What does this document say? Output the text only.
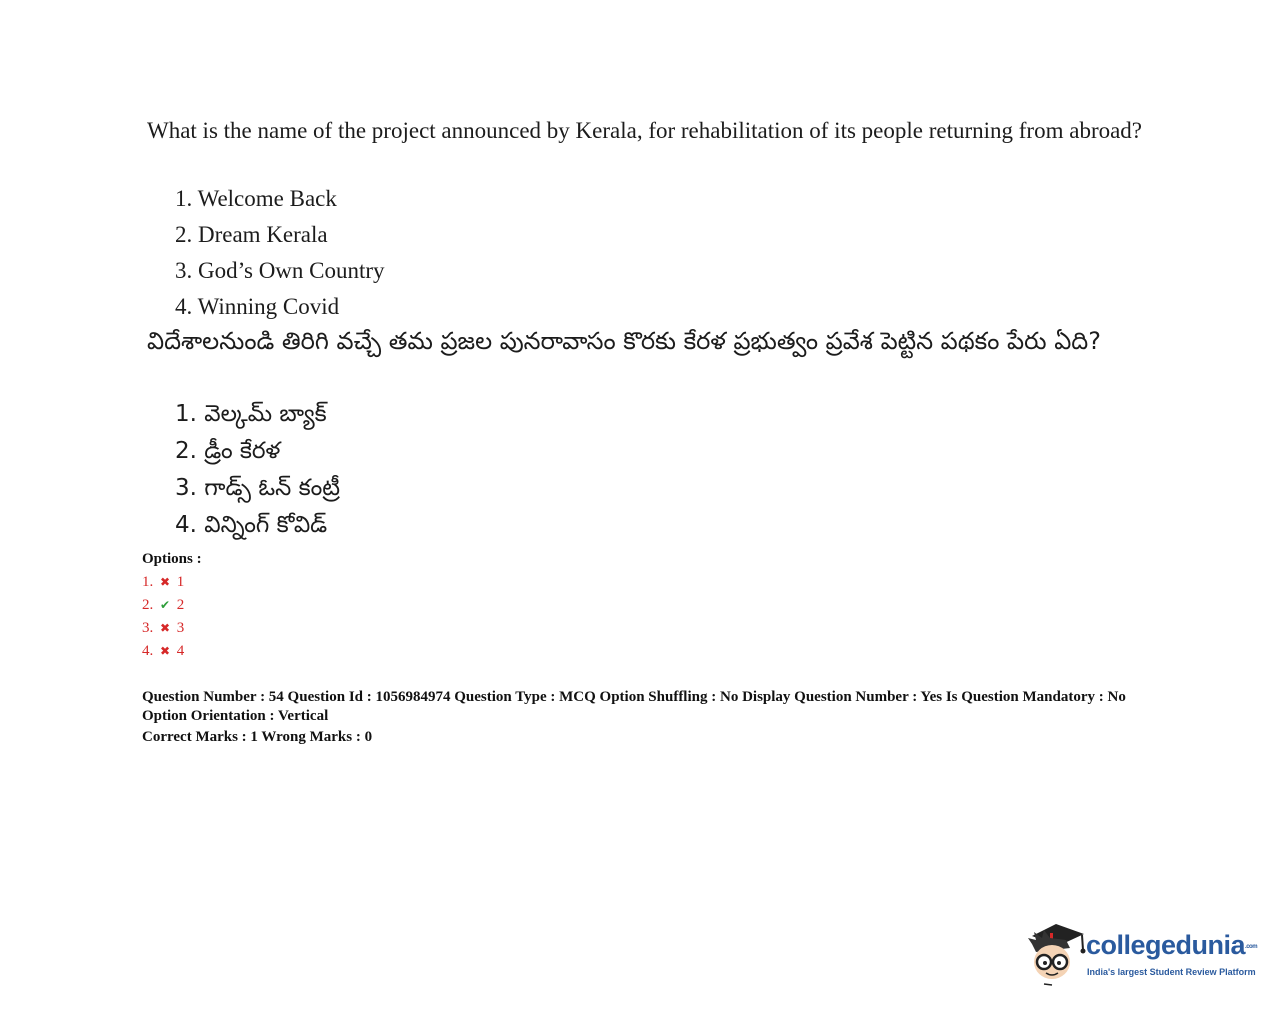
What is the name of the project announced by Kerala, for rehabilitation of its people returning from abroad?
1. Welcome Back
2. Dream Kerala
3. God’s Own Country
4. Winning Covid
విదేశాలనుండి తిరిగి వచ్చే తమ ప్రజల పునరావాసం కొరకు కేరళ ప్రభుత్వం ప్రవేశ పెట్టిన పథకం పేరు ఏది?
1. వెల్కమ్ బ్యాక్
2. డ్రీం కేరళ
3. గాడ్స్ ఓన్ కంట్రీ
4. విన్నింగ్ కోవిడ్
Options :
1. ✖ 1
2. ✔ 2
3. ✖ 3
4. ✖ 4
Question Number : 54 Question Id : 1056984974 Question Type : MCQ Option Shuffling : No Display Question Number : Yes Is Question Mandatory : No
Option Orientation : Vertical
Correct Marks : 1 Wrong Marks : 0
collegedunia.com
India's largest Student Review Platform
